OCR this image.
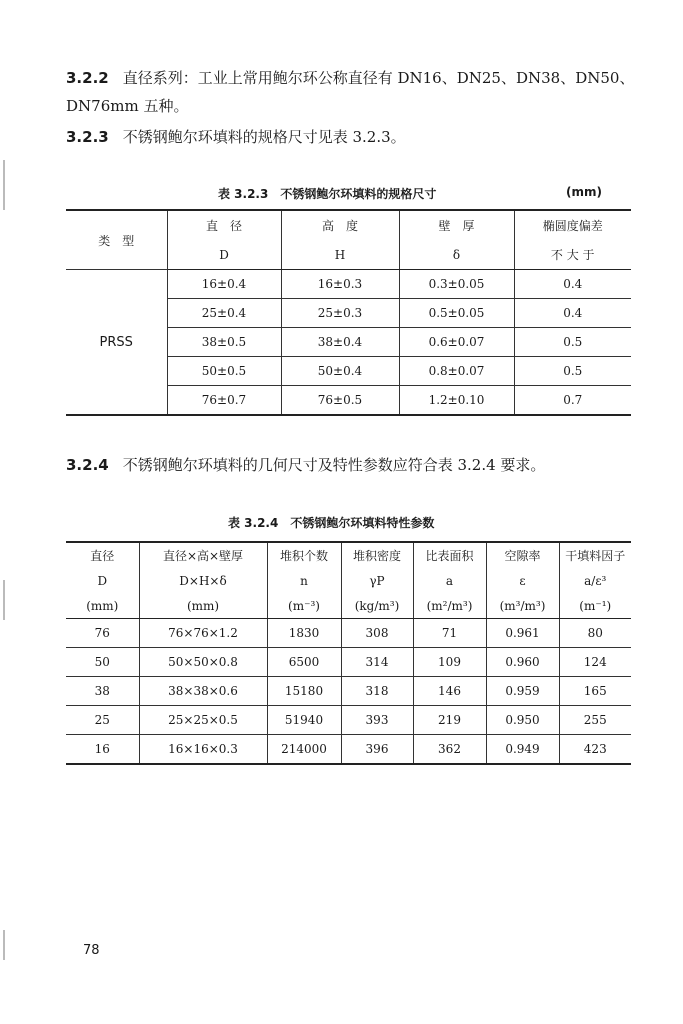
3.2.2 直径系列：工业上常用鲍尔环公称直径有 DN16、DN25、DN38、DN50、
DN76mm 五种。
3.2.3 不锈钢鲍尔环填料的规格尺寸见表 3.2.3。
表 3.2.3　不锈钢鲍尔环填料的规格尺寸	(mm)
类　型	直　径	高　度	壁　厚	椭圆度偏差
	D	H	δ	不 大 于
PRSS	16±0.4	16±0.3	0.3±0.05	0.4
	25±0.4	25±0.3	0.5±0.05	0.4
	38±0.5	38±0.4	0.6±0.07	0.5
	50±0.5	50±0.4	0.8±0.07	0.5
	76±0.7	76±0.5	1.2±0.10	0.7
3.2.4 不锈钢鲍尔环填料的几何尺寸及特性参数应符合表 3.2.4 要求。
表 3.2.4　不锈钢鲍尔环填料特性参数
直径	直径×高×壁厚	堆积个数	堆积密度	比表面积	空隙率	干填料因子
D	D×H×δ	n	γP	a	ε	a/ε³
(mm)	(mm)	(m⁻³)	(kg/m³)	(m²/m³)	(m³/m³)	(m⁻¹)
76	76×76×1.2	1830	308	71	0.961	80
50	50×50×0.8	6500	314	109	0.960	124
38	38×38×0.6	15180	318	146	0.959	165
25	25×25×0.5	51940	393	219	0.950	255
16	16×16×0.3	214000	396	362	0.949	423
78
